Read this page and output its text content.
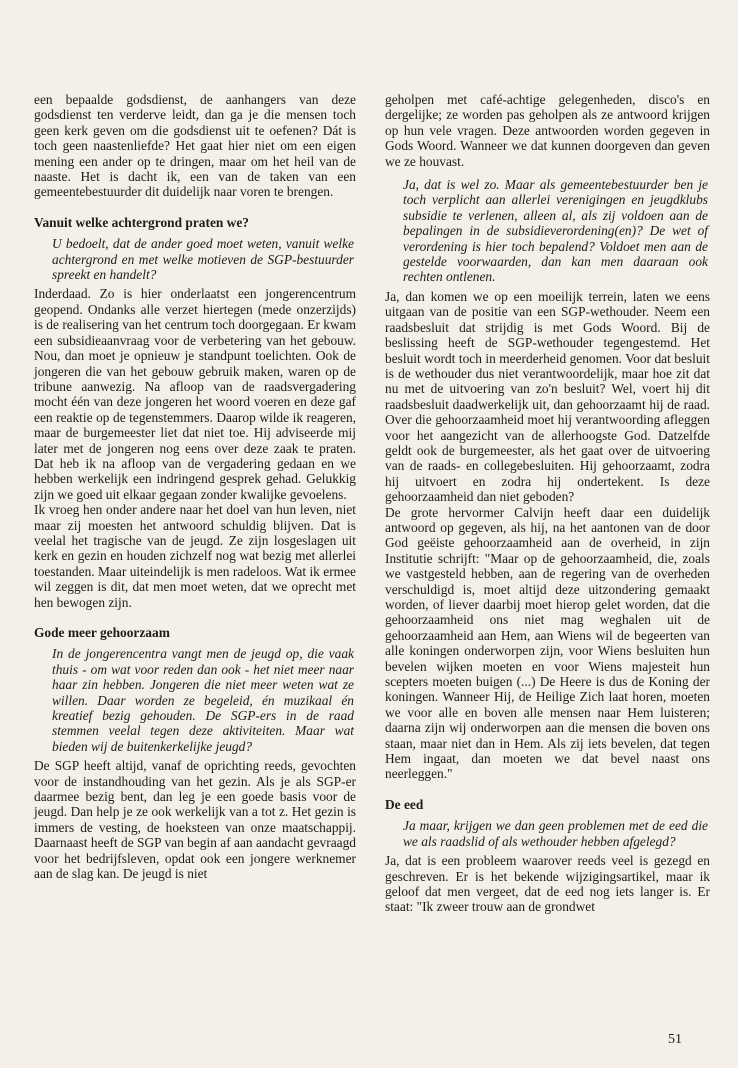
een bepaalde godsdienst, de aanhangers van deze godsdienst ten verderve leidt, dan ga je die mensen toch geen kerk geven om die godsdienst uit te oefenen? Dát is toch geen naastenliefde? Het gaat hier niet om een eigen mening een ander op te dringen, maar om het heil van de naaste. Het is dacht ik, een van de taken van een gemeentebestuurder dit duidelijk naar voren te brengen.

Vanuit welke achtergrond praten we?

U bedoelt, dat de ander goed moet weten, vanuit welke achtergrond en met welke motieven de SGP-bestuurder spreekt en handelt?

Inderdaad. Zo is hier onderlaatst een jongerencentrum geopend. Ondanks alle verzet hiertegen (mede onzerzijds) is de realisering van het centrum toch doorgegaan. Er kwam een subsidieaanvraag voor de verbetering van het gebouw. Nou, dan moet je opnieuw je standpunt toelichten. Ook de jongeren die van het gebouw gebruik maken, waren op de tribune aanwezig. Na afloop van de raadsvergadering mocht één van deze jongeren het woord voeren en deze gaf een reaktie op de tegenstemmers. Daarop wilde ik reageren, maar de burgemeester liet dat niet toe. Hij adviseerde mij later met de jongeren nog eens over deze zaak te praten. Dat heb ik na afloop van de vergadering gedaan en we hebben werkelijk een indringend gesprek gehad. Gelukkig zijn we goed uit elkaar gegaan zonder kwalijke gevoelens.

Ik vroeg hen onder andere naar het doel van hun leven, niet maar zij moesten het antwoord schuldig blijven. Dat is veelal het tragische van de jeugd. Ze zijn losgeslagen uit kerk en gezin en houden zichzelf nog wat bezig met allerlei toestanden. Maar uiteindelijk is men radeloos. Wat ik ermee wil zeggen is dit, dat men moet weten, dat we oprecht met hen bewogen zijn.

Gode meer gehoorzaam

In de jongerencentra vangt men de jeugd op, die vaak thuis - om wat voor reden dan ook - het niet meer naar haar zin hebben. Jongeren die niet meer weten wat ze willen. Daar worden ze begeleid, én muzikaal én kreatief bezig gehouden. De SGP-ers in de raad stemmen veelal tegen deze aktiviteiten. Maar wat bieden wij de buitenkerkelijke jeugd?

De SGP heeft altijd, vanaf de oprichting reeds, gevochten voor de instandhouding van het gezin. Als je als SGP-er daarmee bezig bent, dan leg je een goede basis voor de jeugd. Dan help je ze ook werkelijk van a tot z. Het gezin is immers de vesting, de hoeksteen van onze maatschappij. Daarnaast heeft de SGP van begin af aan aandacht gevraagd voor het bedrijfsleven, opdat ook een jongere werknemer aan de slag kan. De jeugd is niet

geholpen met café-achtige gelegenheden, disco's en dergelijke; ze worden pas geholpen als ze antwoord krijgen op hun vele vragen. Deze antwoorden worden gegeven in Gods Woord. Wanneer we dat kunnen doorgeven dan geven we ze houvast.

Ja, dat is wel zo. Maar als gemeentebestuurder ben je toch verplicht aan allerlei verenigingen en jeugdklubs subsidie te verlenen, alleen al, als zij voldoen aan de bepalingen in de subsidieverordening(en)? De wet of verordening is hier toch bepalend? Voldoet men aan de gestelde voorwaarden, dan kan men daaraan ook rechten ontlenen.

Ja, dan komen we op een moeilijk terrein, laten we eens uitgaan van de positie van een SGP-wethouder. Neem een raadsbesluit dat strijdig is met Gods Woord. Bij de beslissing heeft de SGP-wethouder tegengestemd. Het besluit wordt toch in meerderheid genomen. Voor dat besluit is de wethouder dus niet verantwoordelijk, maar hoe zit dat nu met de uitvoering van zo'n besluit? Wel, voert hij dit raadsbesluit daadwerkelijk uit, dan gehoorzaamt hij de raad. Over die gehoorzaamheid moet hij verantwoording afleggen voor het aangezicht van de allerhoogste God. Datzelfde geldt ook de burgemeester, als het gaat over de uitvoering van de raads- en collegebesluiten. Hij gehoorzaamt, zodra hij uitvoert en zodra hij ondertekent. Is deze gehoorzaamheid dan niet geboden?

De grote hervormer Calvijn heeft daar een duidelijk antwoord op gegeven, als hij, na het aantonen van de door God geëiste gehoorzaamheid aan de overheid, in zijn Institutie schrijft: "Maar op de gehoorzaamheid, die, zoals we vastgesteld hebben, aan de regering van de overheden verschuldigd is, moet altijd deze uitzondering gemaakt worden, of liever daarbij moet hierop gelet worden, dat die gehoorzaamheid ons niet mag weghalen uit de gehoorzaamheid aan Hem, aan Wiens wil de begeerten van alle koningen onderworpen zijn, voor Wiens besluiten hun bevelen wijken moeten en voor Wiens majesteit hun scepters moeten buigen (...) De Heere is dus de Koning der koningen. Wanneer Hij, de Heilige Zich laat horen, moeten we voor alle en boven alle mensen naar Hem luisteren; daarna zijn wij onderworpen aan die mensen die boven ons staan, maar niet dan in Hem. Als zij iets bevelen, dat tegen Hem ingaat, dan moeten we dat bevel naast ons neerleggen."

De eed

Ja maar, krijgen we dan geen problemen met de eed die we als raadslid of als wethouder hebben afgelegd?

Ja, dat is een probleem waarover reeds veel is gezegd en geschreven. Er is het bekende wijzigingsartikel, maar ik geloof dat men vergeet, dat de eed nog iets langer is. Er staat: "Ik zweer trouw aan de grondwet

51
